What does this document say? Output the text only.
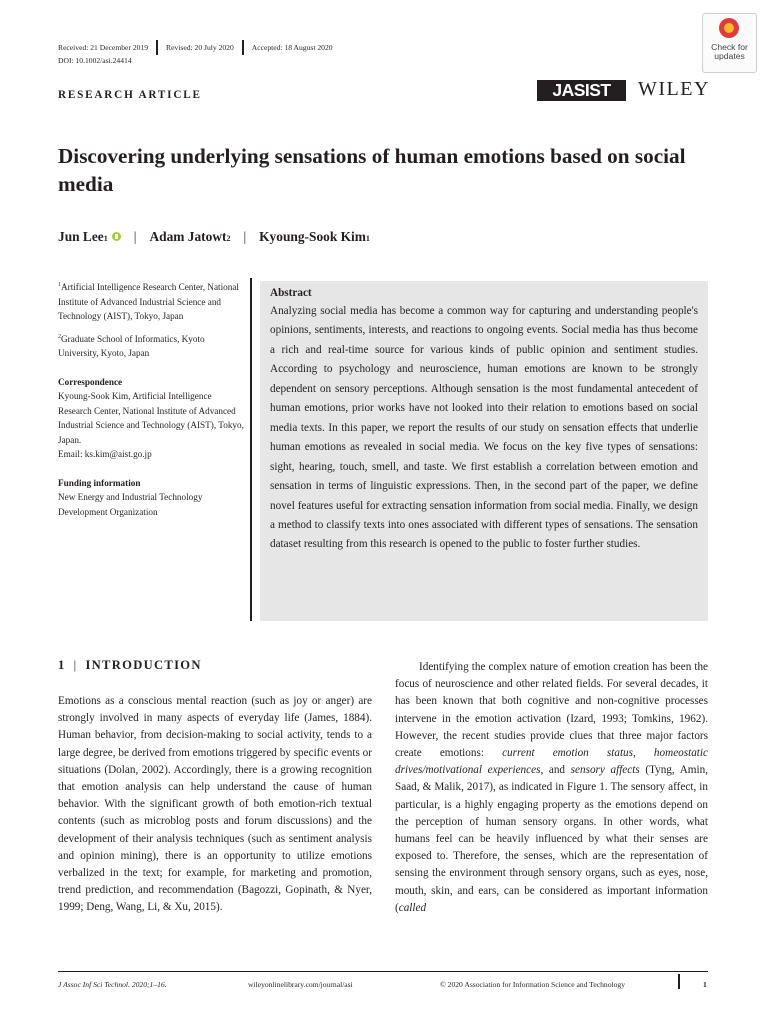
Received: 21 December 2019 Revised: 20 July 2020 Accepted: 18 August 2020
DOI: 10.1002/asi.24414
Check for updates
RESEARCH ARTICLE	JASIST	WILEY
Discovering underlying sensations of human emotions based on social media
Jun Lee 1 | Adam Jatowt 2 | Kyoung-Sook Kim 1

$^1$Artificial Intelligence Research Center, National Institute of Advanced Industrial Science and Technology (AIST), Tokyo, Japan

$^2$Graduate School of Informatics, Kyoto University, Kyoto, Japan

Correspondence

Kyoung-Sook Kim, Artificial Intelligence Research Center, National Institute of Advanced Industrial Science and Technology (AIST), Tokyo, Japan.

Email: ks.kim@aist.go.jp

Funding information

New Energy and Industrial Technology Development Organization

Abstract

Analyzing social media has become a common way for capturing and understanding people's opinions, sentiments, interests, and reactions to ongoing events. Social media has thus become a rich and real-time source for various kinds of public opinion and sentiment studies. According to psychology and neuroscience, human emotions are known to be strongly dependent on sensory perceptions. Although sensation is the most fundamental antecedent of human emotions, prior works have not looked into their relation to emotions based on social media texts. In this paper, we report the results of our study on sensation effects that underlie human emotions as revealed in social media. We focus on the key five types of sensations: sight, hearing, touch, smell, and taste. We first establish a correlation between emotion and sensation in terms of linguistic expressions. Then, in the second part of the paper, we define novel features useful for extracting sensation information from social media. Finally, we design a method to classify texts into ones associated with different types of sensations. The sensation dataset resulting from this research is opened to the public to foster further studies.

1 | INTRODUCTION

Emotions as a conscious mental reaction (such as joy or anger) are strongly involved in many aspects of everyday life (James, 1884). Human behavior, from decision-making to social activity, tends to a large degree, be derived from emotions triggered by specific events or situations (Dolan, 2002). Accordingly, there is a growing recognition that emotion analysis can help understand the cause of human behavior. With the significant growth of both emotion-rich textual contents (such as microblog posts and forum discussions) and the development of their analysis techniques (such as sentiment analysis and opinion mining), there is an opportunity to utilize emotions verbalized in the text; for example, for marketing and promotion, trend prediction, and recommendation (Bagozzi, Gopinath, & Nyer, 1999; Deng, Wang, Li, & Xu, 2015).

Identifying the complex nature of emotion creation has been the focus of neuroscience and other related fields. For several decades, it has been known that both cognitive and non-cognitive processes intervene in the emotion activation (Izard, 1993; Tomkins, 1962). However, the recent studies provide clues that three major factors create emotions: current emotion status, homeostatic drives/motivational experiences, and sensory affects (Tyng, Amin, Saad, & Malik, 2017), as indicated in Figure 1. The sensory affect, in particular, is a highly engaging property as the emotions depend on the perception of human sensory organs. In other words, what humans feel can be heavily influenced by what their senses are exposed to. Therefore, the senses, which are the representation of sensing the environment through sensory organs, such as eyes, nose, mouth, skin, and ears, can be considered as important information (called

J Assoc Inf Sci Technol. 2020;1–16.	wileyonlinelibrary.com/journal/asi	© 2020 Association for Information Science and Technology	1
